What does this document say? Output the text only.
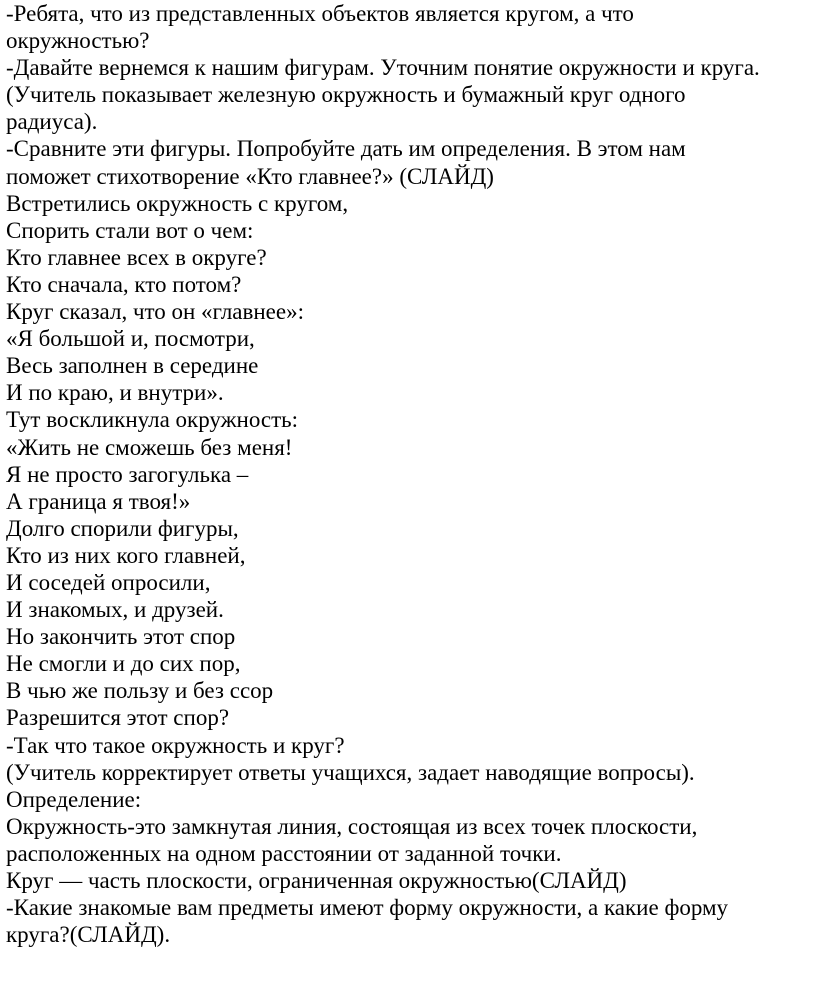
-Ребята, что из представленных объектов является кругом, а что
окружностью?
-Давайте вернемся к нашим фигурам. Уточним понятие окружности и круга.
(Учитель показывает железную окружность и бумажный круг одного
радиуса).
-Сравните эти фигуры. Попробуйте дать им определения. В этом нам
поможет стихотворение «Кто главнее?» (СЛАЙД)
Встретились окружность с кругом,
Спорить стали вот о чем:
Кто главнее всех в округе?
Кто сначала, кто потом?
Круг сказал, что он «главнее»:
«Я большой и, посмотри,
Весь заполнен в середине
И по краю, и внутри».
Тут воскликнула окружность:
«Жить не сможешь без меня!
Я не просто загогулька –
А граница я твоя!»
Долго спорили фигуры,
Кто из них кого главней,
И соседей опросили,
И знакомых, и друзей.
Но закончить этот спор
Не смогли и до сих пор,
В чью же пользу и без ссор
Разрешится этот спор?
-Так что такое окружность и круг?
(Учитель корректирует ответы учащихся, задает наводящие вопросы).
Определение:
Окружность-это замкнутая линия, состоящая из всех точек плоскости,
расположенных на одном расстоянии от заданной точки.
Круг — часть плоскости, ограниченная окружностью(СЛАЙД)
-Какие знакомые вам предметы имеют форму окружности, а какие форму
круга?(СЛАЙД).
